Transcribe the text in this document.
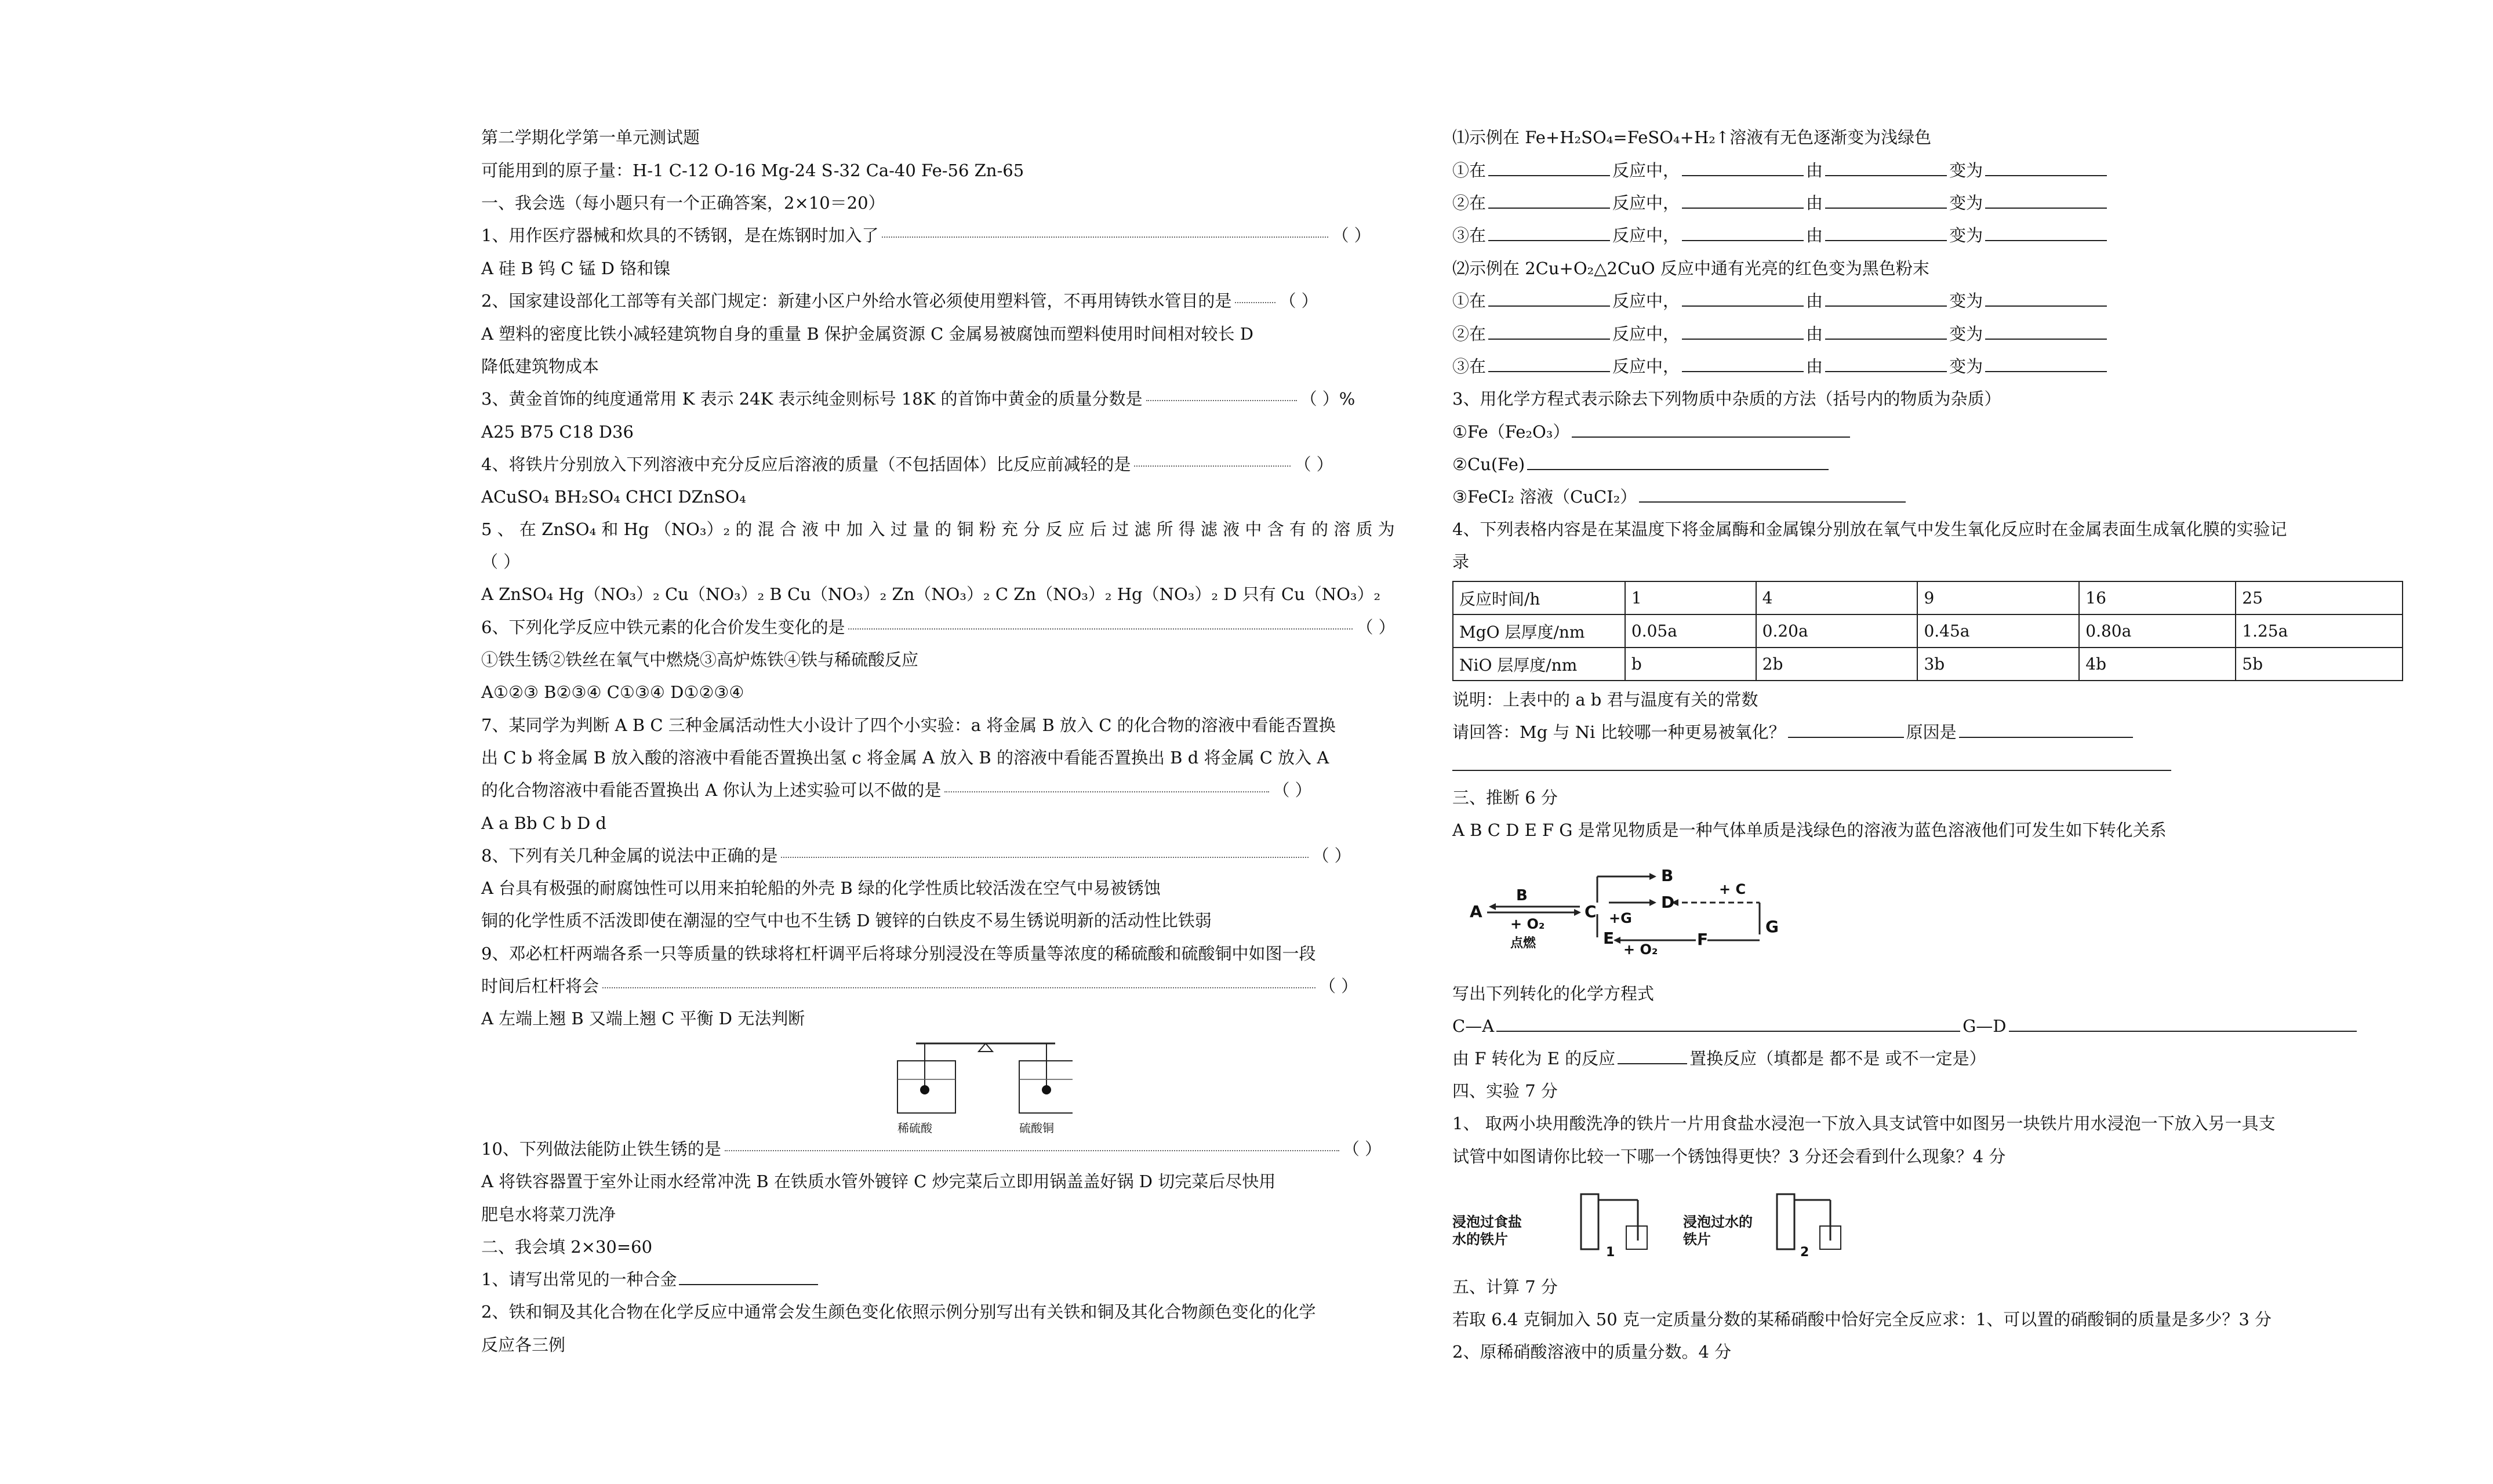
第二学期化学第一单元测试题
可能用到的原子量：H-1 C-12 O-16 Mg-24 S-32 Ca-40 Fe-56 Zn-65
一、我会选（每小题只有一个正确答案，2×10＝20）
1、用作医疗器械和炊具的不锈钢，是在炼钢时加入了	（ ）
A 硅 B 钨 C 锰 D 铬和镍
2、国家建设部化工部等有关部门规定：新建小区户外给水管必须使用塑料管，不再用铸铁水管目的是	（ ）
A 塑料的密度比铁小减轻建筑物自身的重量 B 保护金属资源 C 金属易被腐蚀而塑料使用时间相对较长 D
降低建筑物成本
3、黄金首饰的纯度通常用 K 表示 24K 表示纯金则标号 18K 的首饰中黄金的质量分数是	（ ）%
A25 B75 C18 D36
4、将铁片分别放入下列溶液中充分反应后溶液的质量（不包括固体）比反应前减轻的是	（ ）
ACuSO₄ BH₂SO₄ CHCI DZnSO₄
5 、 在 ZnSO₄ 和 Hg （NO₃）₂ 的 混 合 液 中 加 入 过 量 的 铜 粉 充 分 反 应 后 过 滤 所 得 滤 液 中 含 有 的 溶 质 为
（ ）
A ZnSO₄ Hg（NO₃）₂ Cu（NO₃）₂ B Cu（NO₃）₂ Zn（NO₃）₂ C Zn（NO₃）₂ Hg（NO₃）₂ D 只有 Cu（NO₃）₂
6、下列化学反应中铁元素的化合价发生变化的是	（ ）
①铁生锈②铁丝在氧气中燃烧③高炉炼铁④铁与稀硫酸反应
A①②③ B②③④ C①③④ D①②③④
7、某同学为判断 A B C 三种金属活动性大小设计了四个小实验：a 将金属 B 放入 C 的化合物的溶液中看能否置换
出 C b 将金属 B 放入酸的溶液中看能否置换出氢 c 将金属 A 放入 B 的溶液中看能否置换出 B d 将金属 C 放入 A
的化合物溶液中看能否置换出 A 你认为上述实验可以不做的是	（ ）
A a Bb C b D d
8、下列有关几种金属的说法中正确的是	（ ）
A 台具有极强的耐腐蚀性可以用来拍轮船的外壳 B 绿的化学性质比较活泼在空气中易被锈蚀
铜的化学性质不活泼即使在潮湿的空气中也不生锈 D 镀锌的白铁皮不易生锈说明新的活动性比铁弱
9、邓必杠杆两端各系一只等质量的铁球将杠杆调平后将球分别浸没在等质量等浓度的稀硫酸和硫酸铜中如图一段
时间后杠杆将会	（ ）
A 左端上翘 B 又端上翘 C 平衡 D 无法判断
稀硫酸	硫酸铜
10、下列做法能防止铁生锈的是	（ ）
A 将铁容器置于室外让雨水经常冲洗 B 在铁质水管外镀锌 C 炒完菜后立即用锅盖盖好锅 D 切完菜后尽快用
肥皂水将菜刀洗净
二、我会填 2×30=60
1、请写出常见的一种合金
2、铁和铜及其化合物在化学反应中通常会发生颜色变化依照示例分别写出有关铁和铜及其化合物颜色变化的化学
反应各三例
⑴示例在 Fe+H₂SO₄=FeSO₄+H₂↑溶液有无色逐渐变为浅绿色
①在	反应中，	由	变为
②在	反应中，	由	变为
③在	反应中，	由	变为
⑵示例在 2Cu+O₂△2CuO 反应中通有光亮的红色变为黑色粉末
①在	反应中，	由	变为
②在	反应中，	由	变为
③在	反应中，	由	变为
3、用化学方程式表示除去下列物质中杂质的方法（括号内的物质为杂质）
①Fe（Fe₂O₃）
②Cu(Fe)
③FeCI₂ 溶液（CuCI₂）
4、下列表格内容是在某温度下将金属酶和金属镍分别放在氧气中发生氧化反应时在金属表面生成氧化膜的实验记
录
反应时间/h	1	4	9	16	25
MgO 层厚度/nm	0.05a	0.20a	0.45a	0.80a	1.25a
NiO 层厚度/nm	b	2b	3b	4b	5b
说明：上表中的 a b 君与温度有关的常数
请回答：Mg 与 Ni 比较哪一种更易被氧化？	原因是
三、推断 6 分
A B C D E F G 是常见物质是一种气体单质是浅绿色的溶液为蓝色溶液他们可发生如下转化关系
A
B
+ O₂
点燃
C
B
D
+ C
+G
E
+ O₂
F
G
写出下列转化的化学方程式
C—A	G—D
由 F 转化为 E 的反应	置换反应（填都是 都不是 或不一定是）
四、实验 7 分
1、 取两小块用酸洗净的铁片一片用食盐水浸泡一下放入具支试管中如图另一块铁片用水浸泡一下放入另一具支
试管中如图请你比较一下哪一个锈蚀得更快？3 分还会看到什么现象？4 分
浸泡过食盐
水的铁片
1
浸泡过水的
铁片
2
五、计算 7 分
若取 6.4 克铜加入 50 克一定质量分数的某稀硝酸中恰好完全反应求：1、可以置的硝酸铜的质量是多少？3 分
2、原稀硝酸溶液中的质量分数。4 分
